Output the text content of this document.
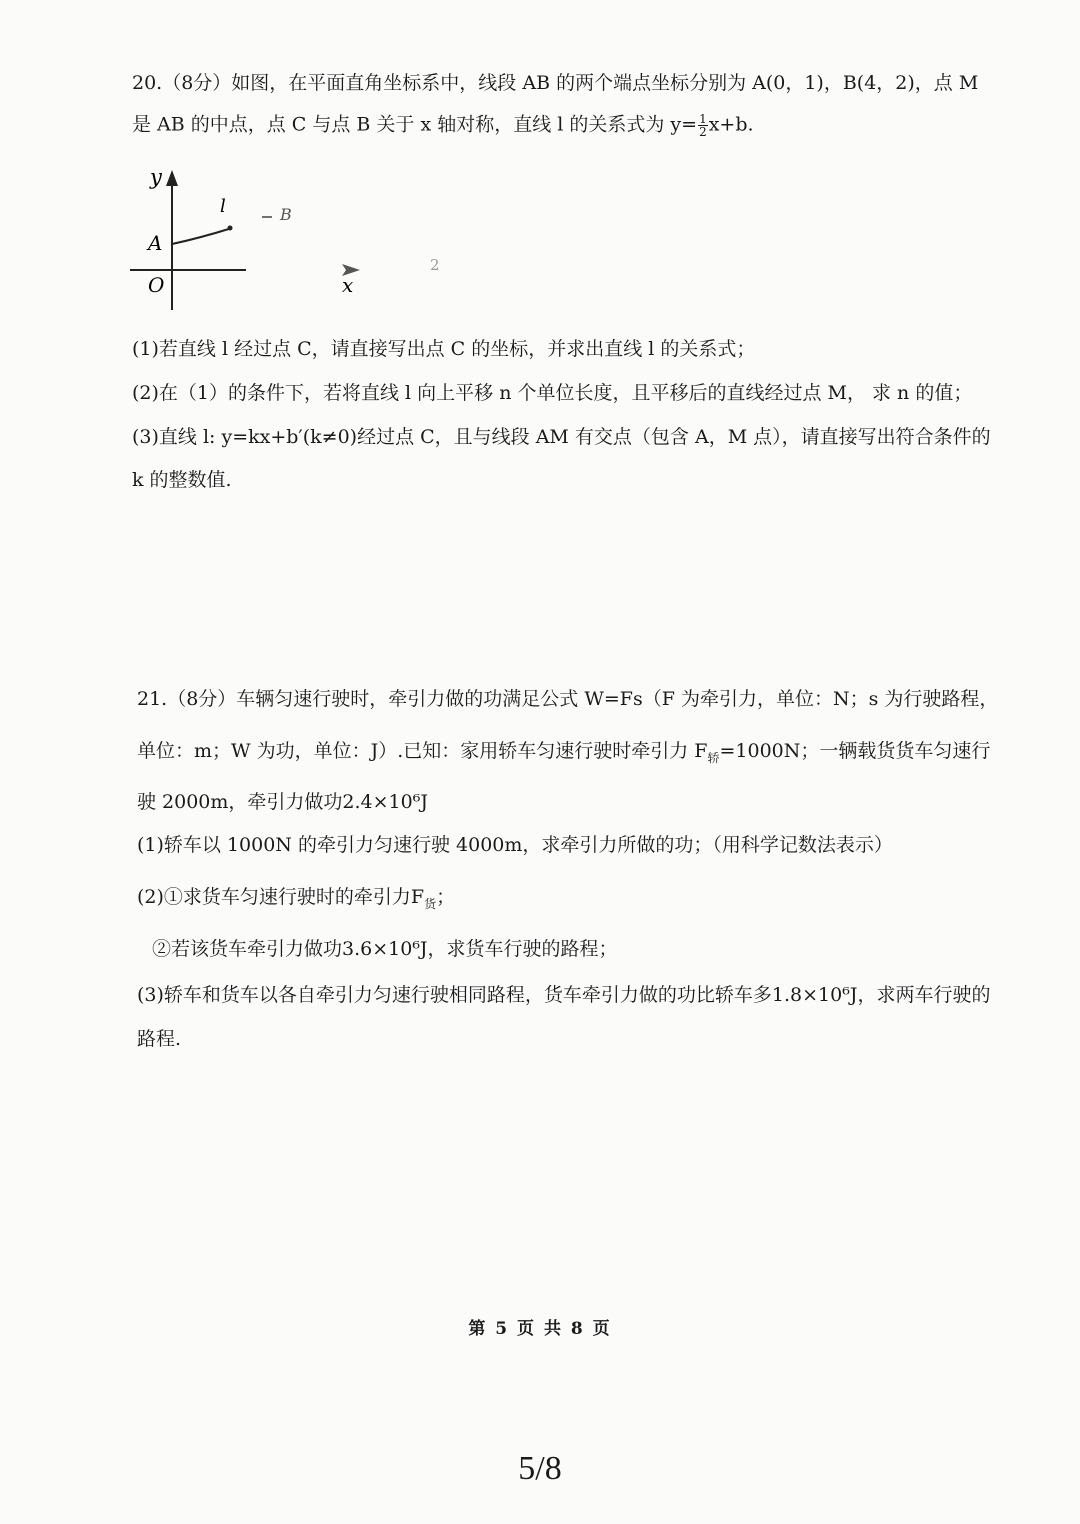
20.（8分）如图，在平面直角坐标系中，线段 AB 的两个端点坐标分别为 A(0，1)，B(4，2)，点 M
是 AB 的中点，点 C 与点 B 关于 x 轴对称，直线 l 的关系式为 $y= \frac{1}{2} x+b$.
y
A
O
l	B
x
2
(1)若直线 l 经过点 C，请直接写出点 C 的坐标，并求出直线 l 的关系式；
(2)在（1）的条件下，若将直线 l 向上平移 n 个单位长度，且平移后的直线经过点 M， 求 n 的值；
(3)直线 l: y=kx+b′(k≠0)经过点 C，且与线段 AM 有交点（包含 A，M 点），请直接写出符合条件的
k 的整数值.
21.（8分）车辆匀速行驶时，牵引力做的功满足公式 W=Fs（F 为牵引力，单位：N；s 为行驶路程，
单位：m；W 为功，单位：J）.已知：家用轿车匀速行驶时牵引力 $F_轿=1000N$；一辆载货货车匀速行
驶 2000m，牵引力做功2.4×10⁶J
(1)轿车以 1000N 的牵引力匀速行驶 4000m，求牵引力所做的功；（用科学记数法表示）
(2)①求货车匀速行驶时的牵引力$F_货$；
②若该货车牵引力做功3.6×10⁶J，求货车行驶的路程；
(3)轿车和货车以各自牵引力匀速行驶相同路程，货车牵引力做的功比轿车多1.8×10⁶J，求两车行驶的
路程.
第 5 页 共 8 页
5/8
